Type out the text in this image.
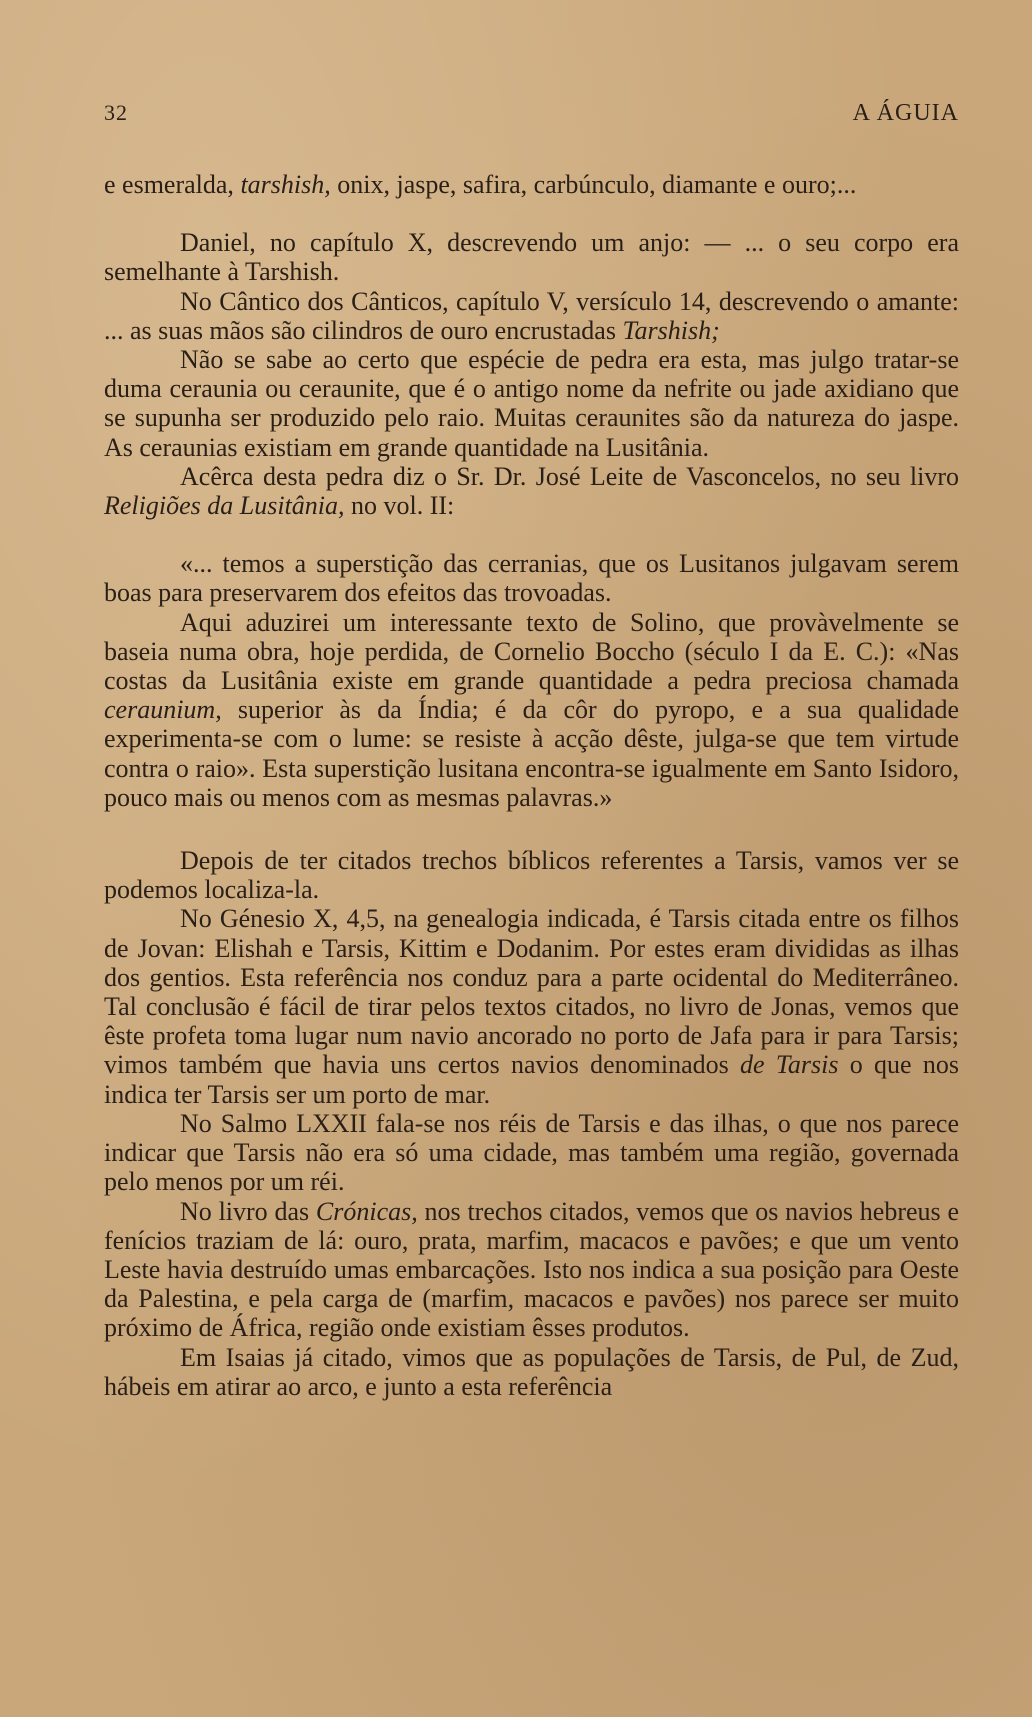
32	A ÁGUIA

e esmeralda, tarshish, onix, jaspe, safira, carbúnculo, diamante e ouro;...

Daniel, no capítulo X, descrevendo um anjo: — ... o seu corpo era semelhante à Tarshish.

No Cântico dos Cânticos, capítulo V, versículo 14, descrevendo o amante: ... as suas mãos são cilindros de ouro encrustadas Tarshish;

Não se sabe ao certo que espécie de pedra era esta, mas julgo tratar-se duma ceraunia ou ceraunite, que é o antigo nome da nefrite ou jade axidiano que se supunha ser produzido pelo raio. Muitas ceraunites são da natureza do jaspe. As ceraunias existiam em grande quantidade na Lusitânia.

Acêrca desta pedra diz o Sr. Dr. José Leite de Vasconcelos, no seu livro Religiões da Lusitânia, no vol. II:

«... temos a superstição das cerranias, que os Lusitanos julgavam serem boas para preservarem dos efeitos das trovoadas.

Aqui aduzirei um interessante texto de Solino, que provàvelmente se baseia numa obra, hoje perdida, de Cornelio Boccho (século I da E. C.): «Nas costas da Lusitânia existe em grande quantidade a pedra preciosa chamada ceraunium, superior às da Índia; é da côr do pyropo, e a sua qualidade experimenta-se com o lume: se resiste à acção dêste, julga-se que tem virtude contra o raio». Esta superstição lusitana encontra-se igualmente em Santo Isidoro, pouco mais ou menos com as mesmas palavras.»

Depois de ter citados trechos bíblicos referentes a Tarsis, vamos ver se podemos localiza-la.

No Génesio X, 4,5, na genealogia indicada, é Tarsis citada entre os filhos de Jovan: Elishah e Tarsis, Kittim e Dodanim. Por estes eram divididas as ilhas dos gentios. Esta referência nos conduz para a parte ocidental do Mediterrâneo. Tal conclusão é fácil de tirar pelos textos citados, no livro de Jonas, vemos que êste profeta toma lugar num navio ancorado no porto de Jafa para ir para Tarsis; vimos também que havia uns certos navios denominados de Tarsis o que nos indica ter Tarsis ser um porto de mar.

No Salmo LXXII fala-se nos réis de Tarsis e das ilhas, o que nos parece indicar que Tarsis não era só uma cidade, mas também uma região, governada pelo menos por um réi.

No livro das Crónicas, nos trechos citados, vemos que os navios hebreus e fenícios traziam de lá: ouro, prata, marfim, macacos e pavões; e que um vento Leste havia destruído umas embarcações. Isto nos indica a sua posição para Oeste da Palestina, e pela carga de (marfim, macacos e pavões) nos parece ser muito próximo de África, região onde existiam êsses produtos.

Em Isaias já citado, vimos que as populações de Tarsis, de Pul, de Zud, hábeis em atirar ao arco, e junto a esta referência
